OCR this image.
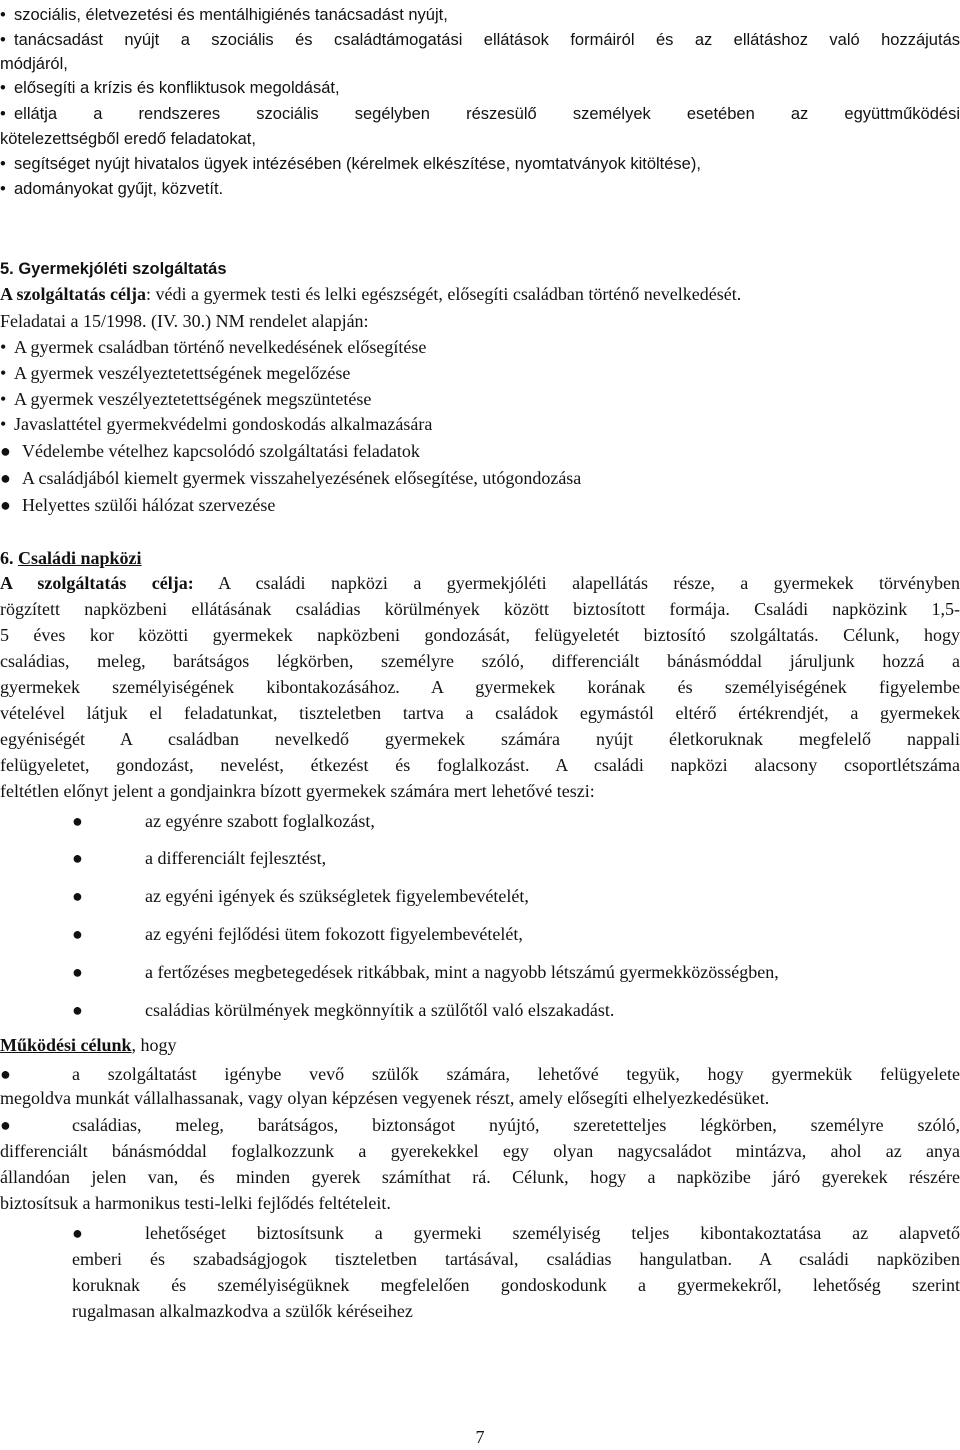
• szociális, életvezetési és mentálhigiénés tanácsadást nyújt,
• tanácsadást nyújt a szociális és családtámogatási ellátások formáiról és az ellátáshoz való hozzájutás
módjáról,
• elősegíti a krízis és konfliktusok megoldását,
• ellátja a rendszeres szociális segélyben részesülő személyek esetében az együttműködési
kötelezettségből eredő feladatokat,
• segítséget nyújt hivatalos ügyek intézésében (kérelmek elkészítése, nyomtatványok kitöltése),
• adományokat gyűjt, közvetít.
5. Gyermekjóléti szolgáltatás
A szolgáltatás célja: védi a gyermek testi és lelki egészségét, elősegíti családban történő nevelkedését.
Feladatai a 15/1998. (IV. 30.) NM rendelet alapján:
• A gyermek családban történő nevelkedésének elősegítése
• A gyermek veszélyeztetettségének megelőzése
• A gyermek veszélyeztetettségének megszüntetése
• Javaslattétel gyermekvédelmi gondoskodás alkalmazására
● Védelembe vételhez kapcsolódó szolgáltatási feladatok
● A családjából kiemelt gyermek visszahelyezésének elősegítése, utógondozása
● Helyettes szülői hálózat szervezése
6. Családi napközi
A szolgáltatás célja: A családi napközi a gyermekjóléti alapellátás része, a gyermekek törvényben
rögzített napközbeni ellátásának családias körülmények között biztosított formája. Családi napközink 1,5-
5 éves kor közötti gyermekek napközbeni gondozását, felügyeletét biztosító szolgáltatás. Célunk, hogy
családias, meleg, barátságos légkörben, személyre szóló, differenciált bánásmóddal járuljunk hozzá a
gyermekek személyiségének kibontakozásához. A gyermekek korának és személyiségének figyelembe
vételével látjuk el feladatunkat, tiszteletben tartva a családok egymástól eltérő értékrendjét, a gyermekek
egyéniségét A családban nevelkedő gyermekek számára nyújt életkoruknak megfelelő nappali
felügyeletet, gondozást, nevelést, étkezést és foglalkozást. A családi napközi alacsony csoportlétszáma
feltétlen előnyt jelent a gondjainkra bízott gyermekek számára mert lehetővé teszi:
●	az egyénre szabott foglalkozást,
●	a differenciált fejlesztést,
●	az egyéni igények és szükségletek figyelembevételét,
●	az egyéni fejlődési ütem fokozott figyelembevételét,
●	a fertőzéses megbetegedések ritkábbak, mint a nagyobb létszámú gyermekközösségben,
●	családias körülmények megkönnyítik a szülőtől való elszakadást.
Működési célunk, hogy
●	a szolgáltatást igénybe vevő szülők számára, lehetővé tegyük, hogy gyermekük felügyelete
megoldva munkát vállalhassanak, vagy olyan képzésen vegyenek részt, amely elősegíti elhelyezkedésüket.
●	családias, meleg, barátságos, biztonságot nyújtó, szeretetteljes légkörben, személyre szóló,
differenciált bánásmóddal foglalkozzunk a gyerekekkel egy olyan nagycsaládot mintázva, ahol az anya
állandóan jelen van, és minden gyerek számíthat rá. Célunk, hogy a napközibe járó gyerekek részére
biztosítsuk a harmonikus testi-lelki fejlődés feltételeit.
●	lehetőséget biztosítsunk a gyermeki személyiség teljes kibontakoztatása az alapvető
emberi és szabadságjogok tiszteletben tartásával, családias hangulatban. A családi napköziben
koruknak és személyiségüknek megfelelően gondoskodunk a gyermekekről, lehetőség szerint
rugalmasan alkalmazkodva a szülők kéréseihez
7
